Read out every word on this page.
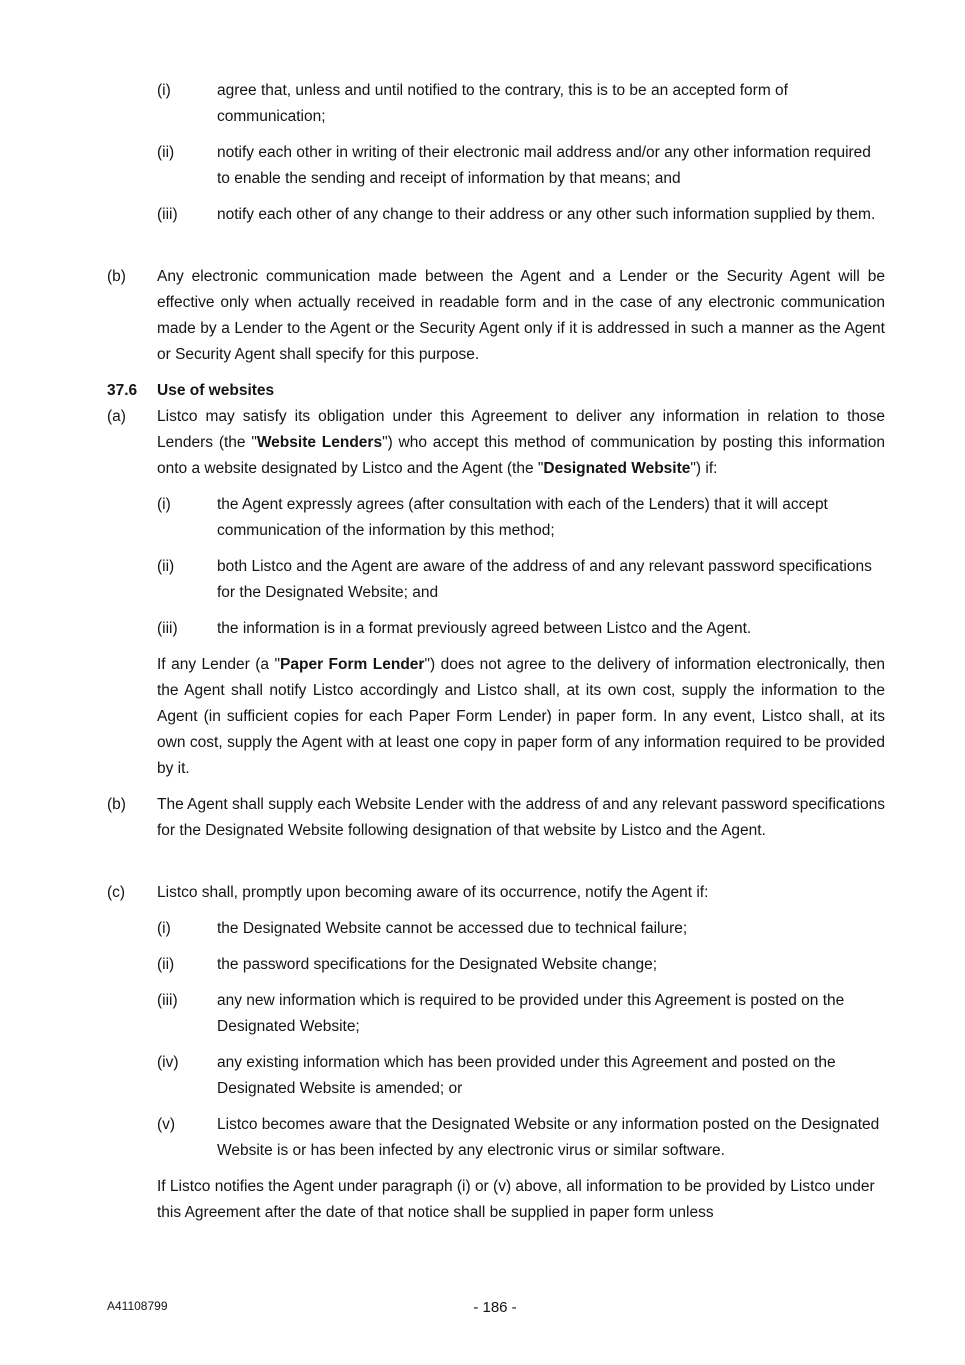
(i)	agree that, unless and until notified to the contrary, this is to be an accepted form of communication;
(ii)	notify each other in writing of their electronic mail address and/or any other information required to enable the sending and receipt of information by that means; and
(iii)	notify each other of any change to their address or any other such information supplied by them.
(b) Any electronic communication made between the Agent and a Lender or the Security Agent will be effective only when actually received in readable form and in the case of any electronic communication made by a Lender to the Agent or the Security Agent only if it is addressed in such a manner as the Agent or Security Agent shall specify for this purpose.
37.6 Use of websites
(a) Listco may satisfy its obligation under this Agreement to deliver any information in relation to those Lenders (the "Website Lenders") who accept this method of communication by posting this information onto a website designated by Listco and the Agent (the "Designated Website") if:
(i)	the Agent expressly agrees (after consultation with each of the Lenders) that it will accept communication of the information by this method;
(ii)	both Listco and the Agent are aware of the address of and any relevant password specifications for the Designated Website; and
(iii)	the information is in a format previously agreed between Listco and the Agent.
If any Lender (a "Paper Form Lender") does not agree to the delivery of information electronically, then the Agent shall notify Listco accordingly and Listco shall, at its own cost, supply the information to the Agent (in sufficient copies for each Paper Form Lender) in paper form. In any event, Listco shall, at its own cost, supply the Agent with at least one copy in paper form of any information required to be provided by it.
(b) The Agent shall supply each Website Lender with the address of and any relevant password specifications for the Designated Website following designation of that website by Listco and the Agent.
(c) Listco shall, promptly upon becoming aware of its occurrence, notify the Agent if:
(i)	the Designated Website cannot be accessed due to technical failure;
(ii)	the password specifications for the Designated Website change;
(iii)	any new information which is required to be provided under this Agreement is posted on the Designated Website;
(iv) any existing information which has been provided under this Agreement and posted on the Designated Website is amended; or
(v)	Listco becomes aware that the Designated Website or any information posted on the Designated Website is or has been infected by any electronic virus or similar software.
If Listco notifies the Agent under paragraph (i) or (v) above, all information to be provided by Listco under this Agreement after the date of that notice shall be supplied in paper form unless
A41108799	- 186 -
